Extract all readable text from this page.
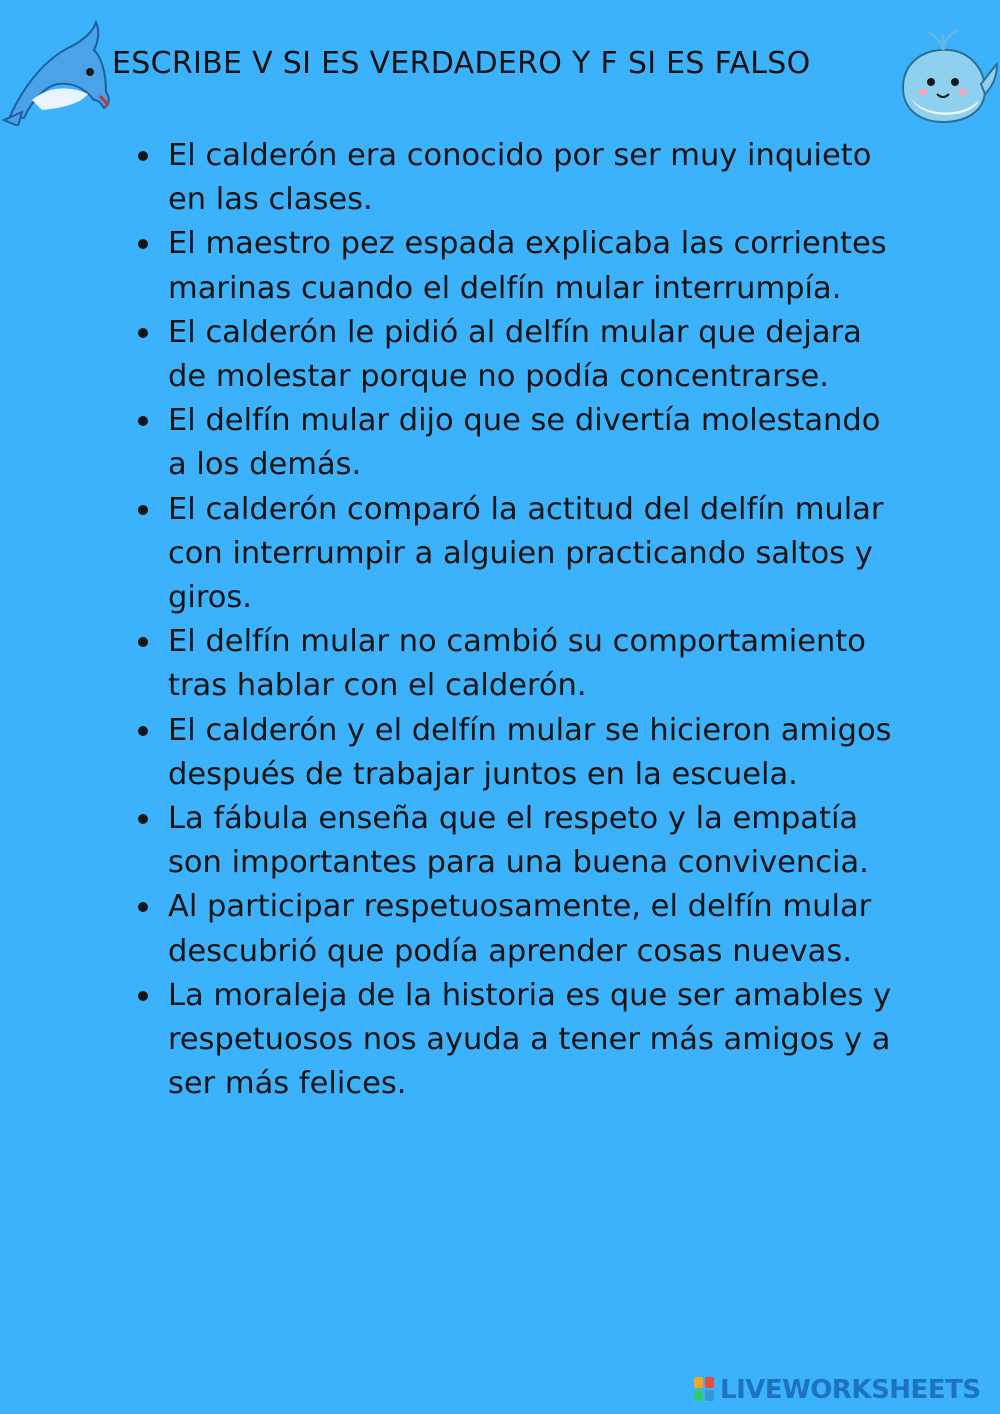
ESCRIBE V SI ES VERDADERO Y F SI ES FALSO
El calderón era conocido por ser muy inquieto en las clases.
El maestro pez espada explicaba las corrientes marinas cuando el delfín mular interrumpía.
El calderón le pidió al delfín mular que dejara de molestar porque no podía concentrarse.
El delfín mular dijo que se divertía molestando a los demás.
El calderón comparó la actitud del delfín mular con interrumpir a alguien practicando saltos y giros.
El delfín mular no cambió su comportamiento tras hablar con el calderón.
El calderón y el delfín mular se hicieron amigos después de trabajar juntos en la escuela.
La fábula enseña que el respeto y la empatía son importantes para una buena convivencia.
Al participar respetuosamente, el delfín mular descubrió que podía aprender cosas nuevas.
La moraleja de la historia es que ser amables y respetuosos nos ayuda a tener más amigos y a ser más felices.
LIVEWORKSHEETS
